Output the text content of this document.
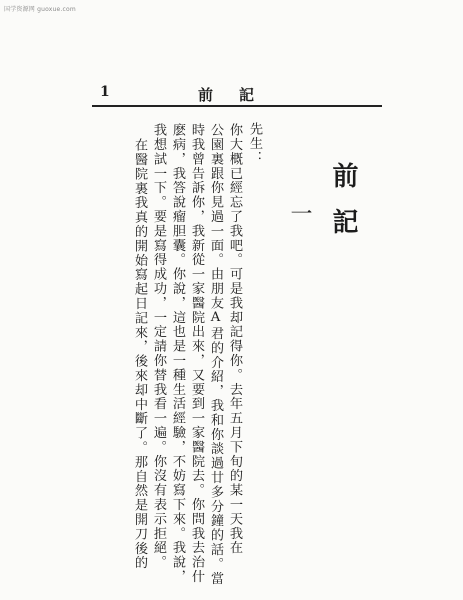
国学资源网 guoxue.com
1	前記
前記
一
先生：
你大概已經忘了我吧。可是我却記得你。去年五月下旬的某一天我在
公園裏跟你見過一面。由朋友A君的介紹，我和你談過廿多分鐘的話。當
時我曾告訴你，我新從一家醫院出來，又要到一家醫院去。你問我去治什
麽病，我答說瘤胆囊。你說，這也是一種生活經驗，不妨寫下來。我說，
我想試一下。要是寫得成功，一定請你替我看一遍。你沒有表示拒絕。
在醫院裏我真的開始寫起日記來，後來却中斷了。那自然是開刀後的
